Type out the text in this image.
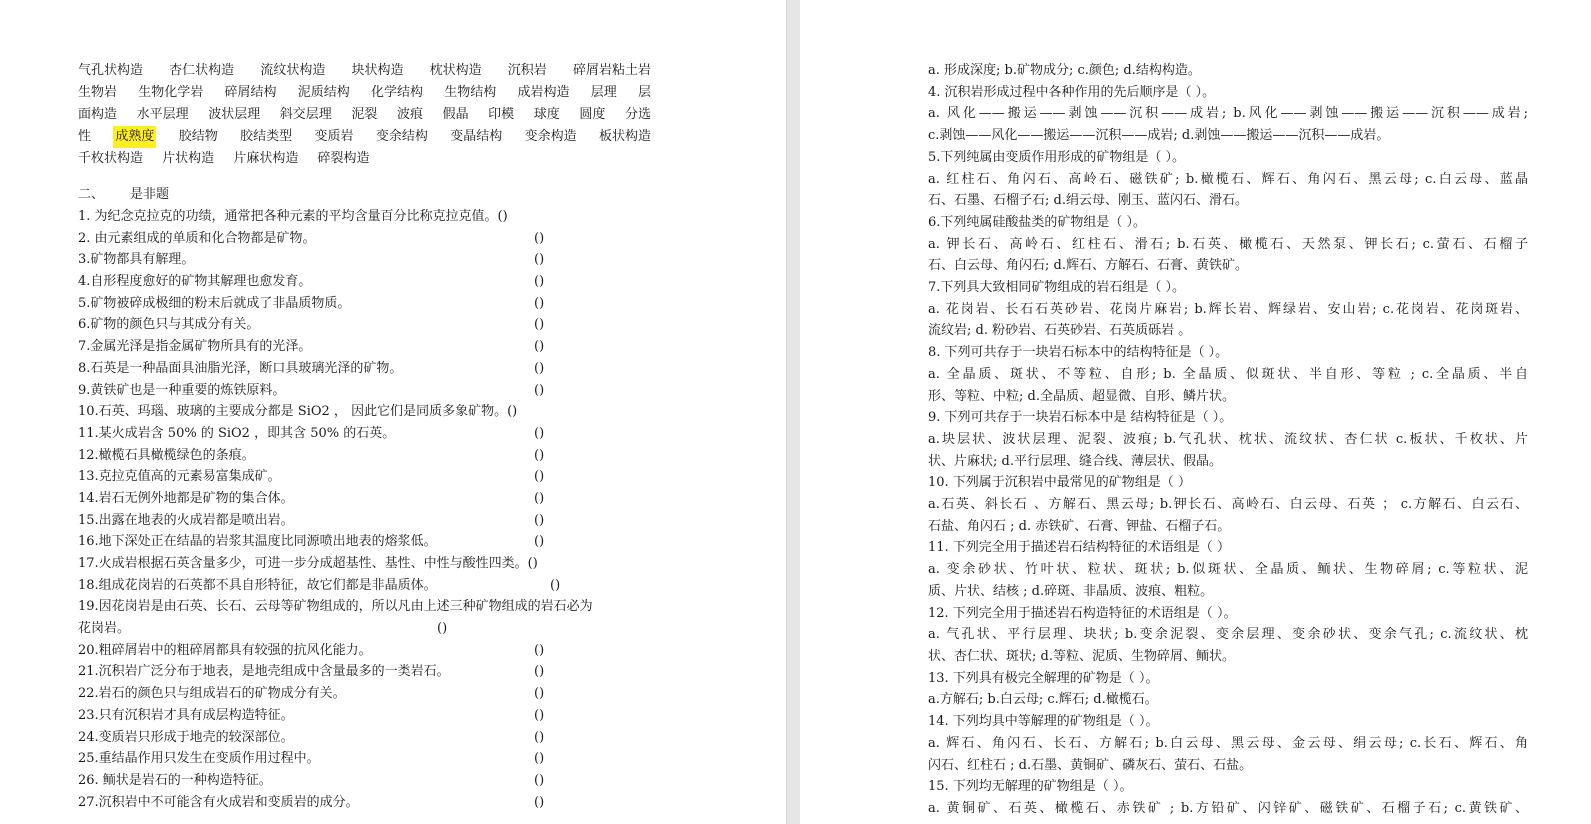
气孔状构造 杏仁状构造 流纹状构造 块状构造 枕状构造 沉积岩 碎屑岩粘土岩
生物岩 生物化学岩 碎屑结构 泥质结构 化学结构 生物结构 成岩构造 层理 层
面构造 水平层理 波状层理 斜交层理 泥裂 波痕 假晶 印模 球度 圆度 分选
性 成熟度 胶结物 胶结类型 变质岩 变余结构 变晶结构 变余构造 板状构造
千枚状构造 片状构造 片麻状构造 碎裂构造
二、 是非题
1. 为纪念克拉克的功绩，通常把各种元素的平均含量百分比称克拉克值。()
2. 由元素组成的单质和化合物都是矿物。	()
3.矿物都具有解理。	()
4.自形程度愈好的矿物其解理也愈发育。	()
5.矿物被碎成极细的粉末后就成了非晶质物质。	()
6.矿物的颜色只与其成分有关。	()
7.金属光泽是指金属矿物所具有的光泽。	()
8.石英是一种晶面具油脂光泽，断口具玻璃光泽的矿物。	()
9.黄铁矿也是一种重要的炼铁原料。	()
10.石英、玛瑙、玻璃的主要成分都是 SiO2 ， 因此它们是同质多象矿物。()
11.某火成岩含 50% 的 SiO2 ，即其含 50% 的石英。	()
12.橄榄石具橄榄绿色的条痕。	()
13.克拉克值高的元素易富集成矿。	()
14.岩石无例外地都是矿物的集合体。	()
15.出露在地表的火成岩都是喷出岩。	()
16.地下深处正在结晶的岩浆其温度比同源喷出地表的熔浆低。	()
17.火成岩根据石英含量多少，可进一步分成超基性、基性、中性与酸性四类。()
18.组成花岗岩的石英都不具自形特征，故它们都是非晶质体。	()
19.因花岗岩是由石英、长石、云母等矿物组成的，所以凡由上述三种矿物组成的岩石必为
花岗岩。	()
20.粗碎屑岩中的粗碎屑都具有较强的抗风化能力。	()
21.沉积岩广泛分布于地表，是地壳组成中含量最多的一类岩石。	()
22.岩石的颜色只与组成岩石的矿物成分有关。	()
23.只有沉积岩才具有成层构造特征。	()
24.变质岩只形成于地壳的较深部位。	()
25.重结晶作用只发生在变质作用过程中。	()
26. 鲕状是岩石的一种构造特征。	()
27.沉积岩中不可能含有火成岩和变质岩的成分。	()
a. 形成深度; b.矿物成分; c.颜色; d.结构构造。
4. 沉积岩形成过程中各种作用的先后顺序是（ ）。
a. 风化——搬运——剥蚀——沉积——成岩; b.风化——剥蚀——搬运——沉积——成岩;
c.剥蚀——风化——搬运——沉积——成岩; d.剥蚀——搬运——沉积——成岩。
5.下列纯属由变质作用形成的矿物组是（ ）。
a. 红柱石、角闪石、高岭石、磁铁矿; b.橄榄石、辉石、角闪石、黑云母; c.白云母、蓝晶
石、石墨、石榴子石; d.绢云母、刚玉、蓝闪石、滑石。
6.下列纯属硅酸盐类的矿物组是（ ）。
a. 钾长石、高岭石、红柱石、滑石; b.石英、橄榄石、天然泵、钾长石; c.萤石、石榴子
石、白云母、角闪石; d.辉石、方解石、石膏、黄铁矿。
7.下列具大致相同矿物组成的岩石组是（ ）。
a. 花岗岩、长石石英砂岩、花岗片麻岩; b.辉长岩、辉绿岩、安山岩; c.花岗岩、花岗斑岩、
流纹岩; d. 粉砂岩、石英砂岩、石英质砾岩 。
8. 下列可共存于一块岩石标本中的结构特征是（ ）。
a. 全晶质、斑状、不等粒、自形; b. 全晶质、似斑状、半自形、等粒 ; c.全晶质、半自
形、等粒、中粒; d.全晶质、超显微、自形、鳞片状。
9. 下列可共存于一块岩石标本中是 结构特征是（ ）。
a.块层状、波状层理、泥裂、波痕; b.气孔状、枕状、流纹状、杏仁状 c.板状、千枚状、片
状、片麻状; d.平行层理、缝合线、薄层状、假晶。
10. 下列属于沉积岩中最常见的矿物组是（ ）
a.石英、斜长石 、方解石、黑云母; b.钾长石、高岭石、白云母、石英 ； c.方解石、白云石、
石盐、角闪石 ; d. 赤铁矿、石膏、钾盐、石榴子石。
11. 下列完全用于描述岩石结构特征的术语组是（ ）
a. 变余砂状、竹叶状、粒状、斑状; b.似斑状、全晶质、鲕状、生物碎屑; c.等粒状、泥
质、片状、结核 ; d.碎斑、非晶质、波痕、粗粒。
12. 下列完全用于描述岩石构造特征的术语组是（ ）。
a. 气孔状、平行层理、块状; b.变余泥裂、变余层理、变余砂状、变余气孔; c.流纹状、枕
状、杏仁状、斑状; d.等粒、泥质、生物碎屑、鲕状。
13. 下列具有极完全解理的矿物是（ ）。
a.方解石; b.白云母; c.辉石; d.橄榄石。
14. 下列均具中等解理的矿物组是（ ）。
a. 辉石、角闪石、长石、方解石; b.白云母、黑云母、金云母、绢云母; c.长石、辉石、角
闪石、红柱石 ; d.石墨、黄铜矿、磷灰石、萤石、石盐。
15. 下列均无解理的矿物组是（ ）。
a. 黄铜矿、石英、橄榄石、赤铁矿 ; b.方铅矿、闪锌矿、磁铁矿、石榴子石; c.黄铁矿、
